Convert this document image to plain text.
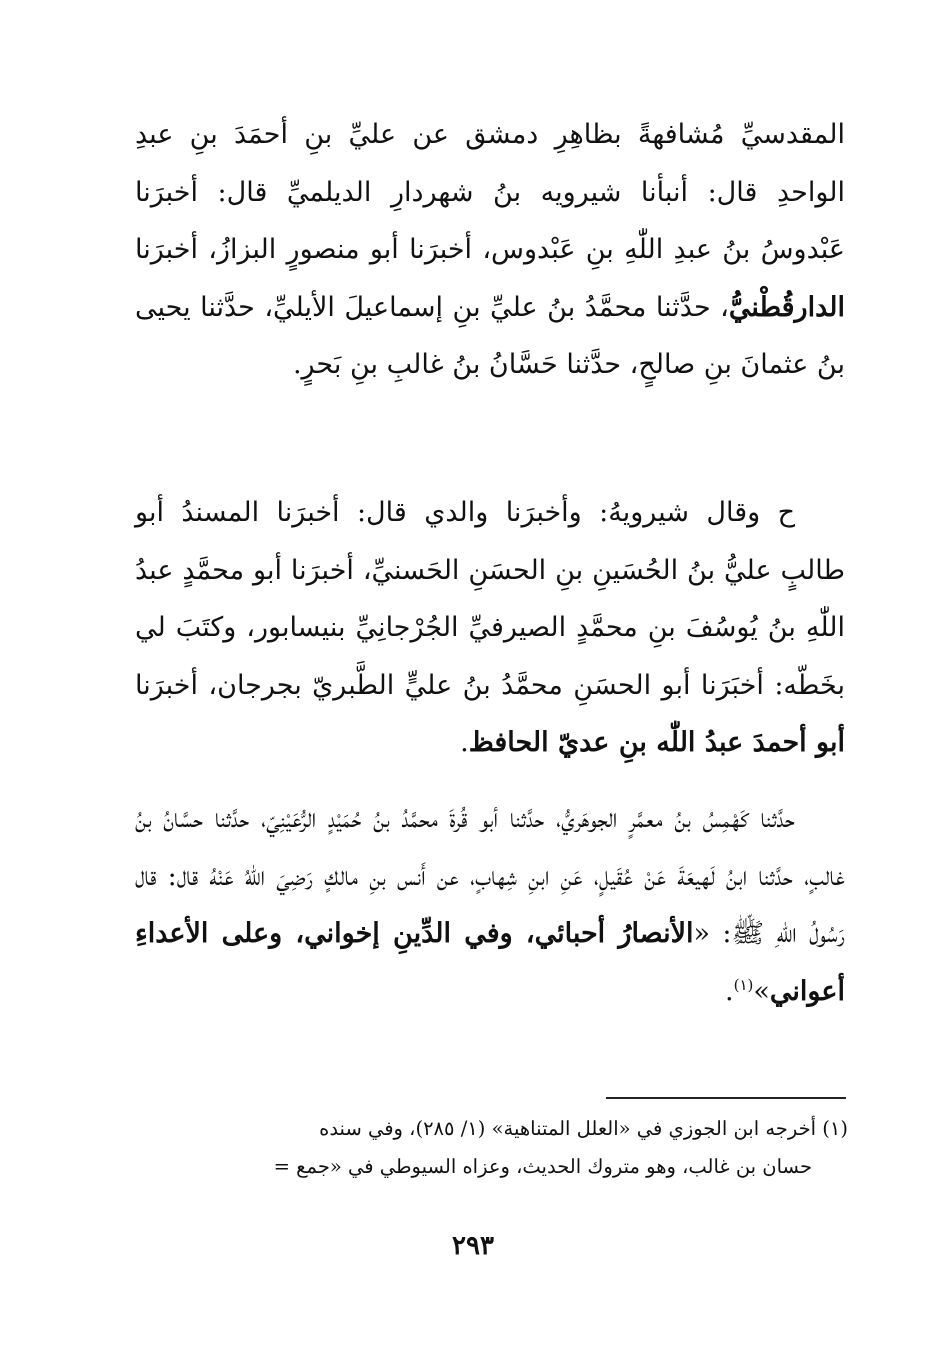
المقدسيِّ مُشافهةً بظاهِرِ دمشق عن عليِّ بنِ أحمَدَ بنِ عبدِ الواحدِ قال: أنبأنا شيرويه بنُ شهردارِ الديلميِّ قال: أخبرَنا عَبْدوسُ بنُ عبدِ اللّٰهِ بنِ عَبْدوس، أخبرَنا أبو منصورٍ البزازُ، أخبرَنا الدارقُطْنيُّ، حدَّثنا محمَّدُ بنُ عليِّ بنِ إسماعيلَ الأيليِّ، حدَّثنا يحيى بنُ عثمانَ بنِ صالحٍ، حدَّثنا حَسَّانُ بنُ غالبِ بنِ بَحرٍ.

ح وقال شيرويهُ: وأخبرَنا والدي قال: أخبرَنا المسندُ أبو طالبٍ عليُّ بنُ الحُسَينِ بنِ الحسَنِ الحَسنيِّ، أخبرَنا أبو محمَّدٍ عبدُ اللّٰهِ بنُ يُوسُفَ بنِ محمَّدٍ الصيرفيِّ الجُرْجانِيِّ بنيسابور، وكتَبَ لي بخَطّه: أخبَرَنا أبو الحسَنِ محمَّدُ بنُ عليٍّ الطَّبريّ بجرجان، أخبرَنا أبو أحمدَ عبدُ اللّٰه بنِ عديّ الحافظ.

حدَّثنا كَهْمِسُ بنُ معمَّرٍ الجوهَريُّ، حدَّثنا أبو قُرةَ محمَّدُ بنُ حُمَيْدٍ الرُّعَيْنِيّ، حدَّثنا حسَّانُ بنُ غالبٍ، حدَّثنا ابنُ لَهيعَةَ عَنْ عُقَيلٍ، عَنِ ابنِ شِهابٍ، عن أَنس بنِ مالكٍ رَضِيَ اللّٰهُ عَنْهُ قال: قال رَسُولُ اللّٰهِ ﷺ: «الأنصارُ أحبائي، وفي الدِّينِ إخواني، وعلى الأعداءِ أعواني»$^{(١)}$.

(١) أخرجه ابن الجوزي في «العلل المتناهية» (١/ ٢٨٥)، وفي سنده
حسان بن غالب، وهو متروك الحديث، وعزاه السيوطي في «جمع =

٢٩٣
